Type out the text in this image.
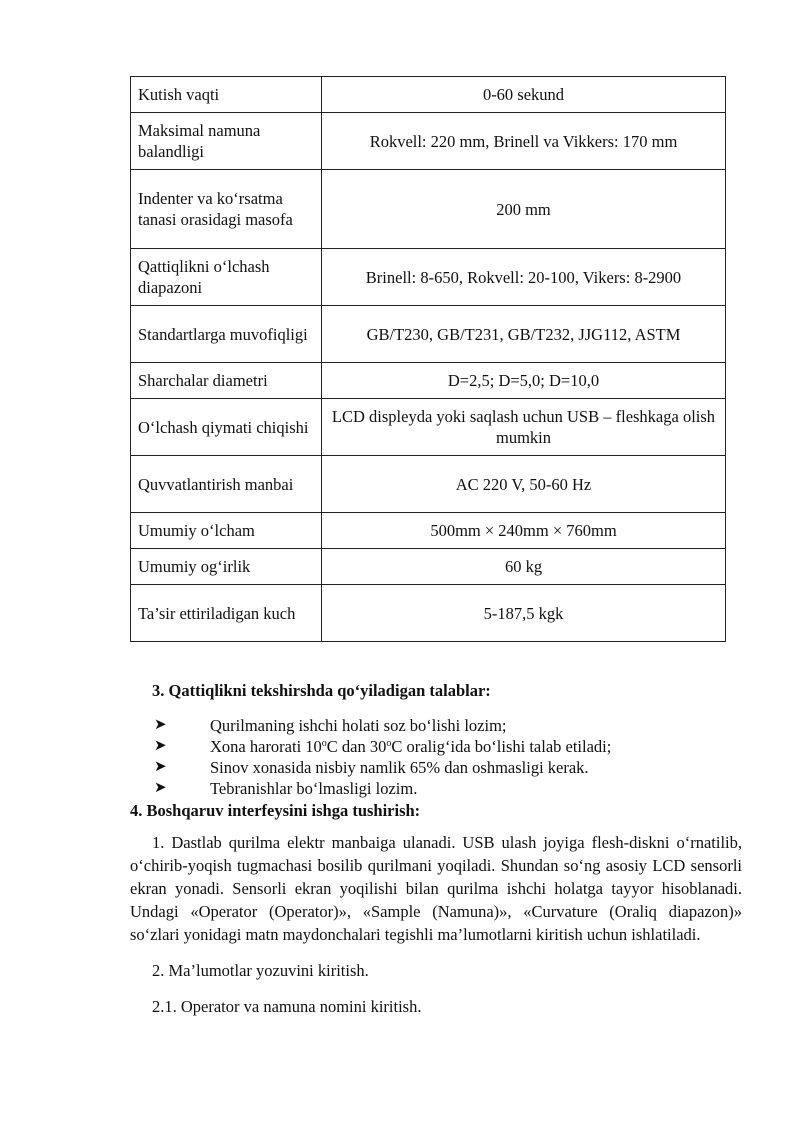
Kutish vaqti	0-60 sekund
Maksimal namuna balandligi	Rokvell: 220 mm, Brinell va Vikkers: 170 mm
Indenter va ko‘rsatma tanasi orasidagi masofa	200 mm
Qattiqlikni o‘lchash diapazoni	Brinell: 8-650, Rokvell: 20-100, Vikers: 8-2900
Standartlarga muvofiqligi	GB/T230, GB/T231, GB/T232, JJG112, ASTM
Sharchalar diametri	D=2,5; D=5,0; D=10,0
O‘lchash qiymati chiqishi	LCD displeyda yoki saqlash uchun USB – fleshkaga olish mumkin
Quvvatlantirish manbai	AC 220 V, 50-60 Hz
Umumiy o‘lcham	500mm × 240mm × 760mm
Umumiy og‘irlik	60 kg
Ta’sir ettiriladigan kuch	5-187,5 kgk
3. Qattiqlikni tekshirshda qo‘yiladigan talablar:
➤	Qurilmaning ishchi holati soz bo‘lishi lozim;
➤	Xona harorati 10$^o$C dan 30$^o$C oralig‘ida bo‘lishi talab etiladi;
➤	Sinov xonasida nisbiy namlik 65% dan oshmasligi kerak.
➤	Tebranishlar bo‘lmasligi lozim.
4. Boshqaruv interfeysini ishga tushirish:

1. Dastlab qurilma elektr manbaiga ulanadi. USB ulash joyiga flesh-diskni o‘rnatilib, o‘chirib-yoqish tugmachasi bosilib qurilmani yoqiladi. Shundan so‘ng asosiy LCD sensorli ekran yonadi. Sensorli ekran yoqilishi bilan qurilma ishchi holatga tayyor hisoblanadi. Undagi «Operator (Operator)», «Sample (Namuna)», «Curvature (Oraliq diapazon)» so‘zlari yonidagi matn maydonchalari tegishli ma’lumotlarni kiritish uchun ishlatiladi.

2. Ma’lumotlar yozuvini kiritish.

2.1. Operator va namuna nomini kiritish.
